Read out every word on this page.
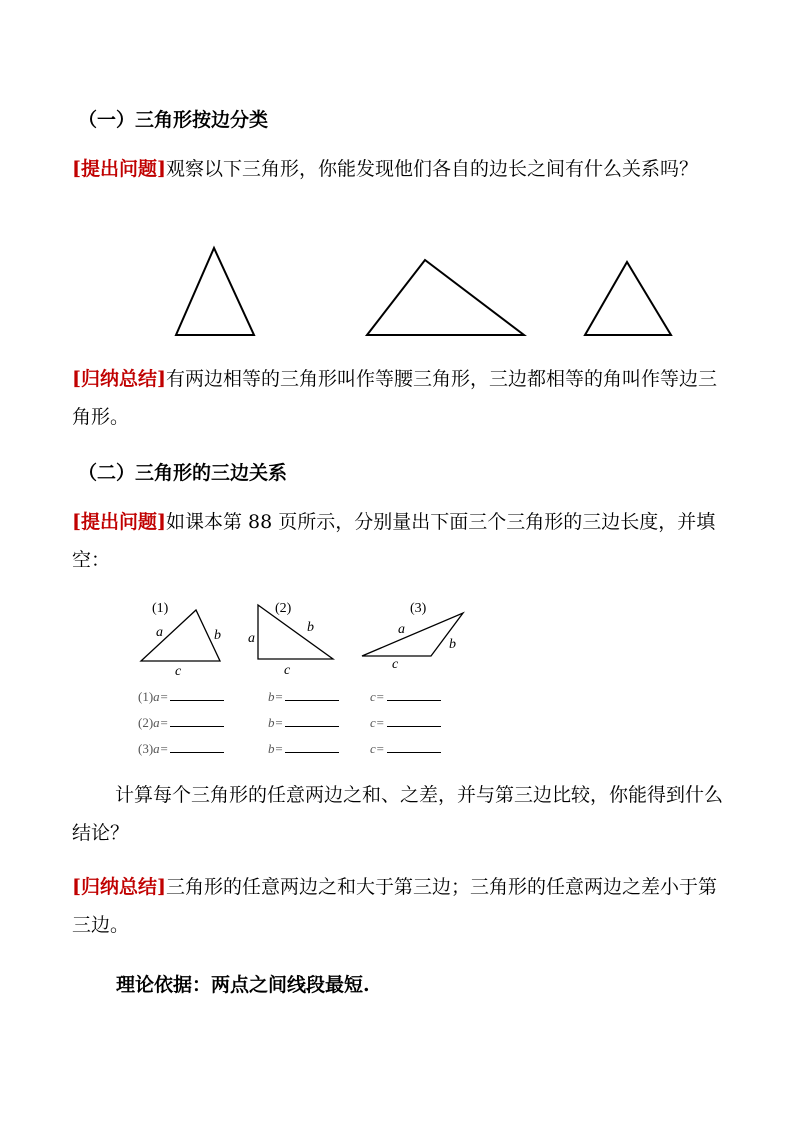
（一）三角形按边分类
[提出问题]观察以下三角形，你能发现他们各自的边长之间有什么关系吗？
[归纳总结]有两边相等的三角形叫作等腰三角形，三边都相等的角叫作等边三角形。
（二）三角形的三边关系
[提出问题]如课本第 88 页所示，分别量出下面三个三角形的三边长度，并填空：
(1)
a	b
c
(2)
a
b
c
(3)
a
b
c
(1)a=	b=	c=
(2)a=	b=	c=
(3)a=	b=	c=
计算每个三角形的任意两边之和、之差，并与第三边比较，你能得到什么结论？
[归纳总结]三角形的任意两边之和大于第三边；三角形的任意两边之差小于第三边。
理论依据：两点之间线段最短.
